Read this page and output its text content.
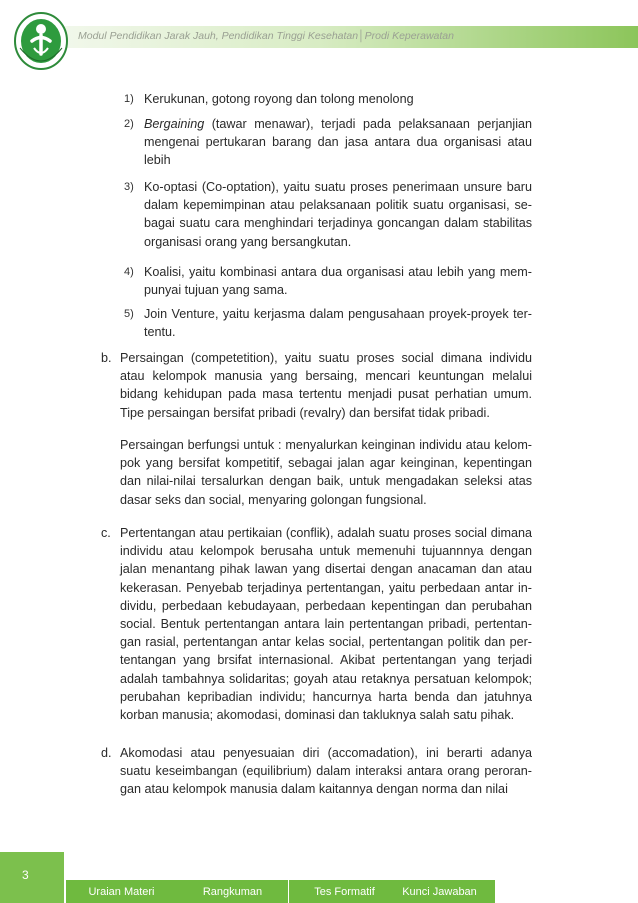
Modul Pendidikan Jarak Jauh, Pendidikan Tinggi Kesehatan│Prodi Keperawatan
1) Kerukunan, gotong royong dan tolong menolong
2) Bergaining (tawar menawar), terjadi pada pelaksanaan perjanjian mengenai pertukaran barang dan jasa antara dua organisasi atau lebih
3) Ko-optasi (Co-optation), yaitu suatu proses penerimaan unsure baru dalam kepemimpinan atau pelaksanaan politik suatu organisasi, se-bagai suatu cara menghindari terjadinya goncangan dalam stabilitas organisasi orang yang bersangkutan.
4) Koalisi, yaitu kombinasi antara dua organisasi atau lebih yang mem-punyai tujuan yang sama.
5) Join Venture, yaitu kerjasma dalam pengusahaan proyek-proyek ter-tentu.
b. Persaingan (competetition), yaitu suatu proses social dimana individu atau kelompok manusia yang bersaing, mencari keuntungan melalui bidang kehidupan pada masa tertentu menjadi pusat perhatian umum. Tipe persaingan bersifat pribadi (revalry) dan bersifat tidak pribadi.
Persaingan berfungsi untuk : menyalurkan keinginan individu atau kelom-pok yang bersifat kompetitif, sebagai jalan agar keinginan, kepentingan dan nilai-nilai tersalurkan dengan baik, untuk mengadakan seleksi atas dasar seks dan social, menyaring golongan fungsional.
c. Pertentangan atau pertikaian (conflik), adalah suatu proses social dimana individu atau kelompok berusaha untuk memenuhi tujuannnya dengan jalan menantang pihak lawan yang disertai dengan anacaman dan atau kekerasan. Penyebab terjadinya pertentangan, yaitu perbedaan antar in-dividu, perbedaan kebudayaan, perbedaan kepentingan dan perubahan social. Bentuk pertentangan antara lain pertentangan pribadi, pertentan-gan rasial, pertentangan antar kelas social, pertentangan politik dan per-tentangan yang brsifat internasional. Akibat pertentangan yang terjadi adalah tambahnya solidaritas; goyah atau retaknya persatuan kelompok; perubahan kepribadian individu; hancurnya harta benda dan jatuhnya korban manusia; akomodasi, dominasi dan takluknya salah satu pihak.
d. Akomodasi atau penyesuaian diri (accomadation), ini berarti adanya suatu keseimbangan (equilibrium) dalam interaksi antara orang peroran-gan atau kelompok manusia dalam kaitannya dengan norma dan nilai
3
Uraian Materi	Rangkuman	Tes Formatif	Kunci Jawaban
